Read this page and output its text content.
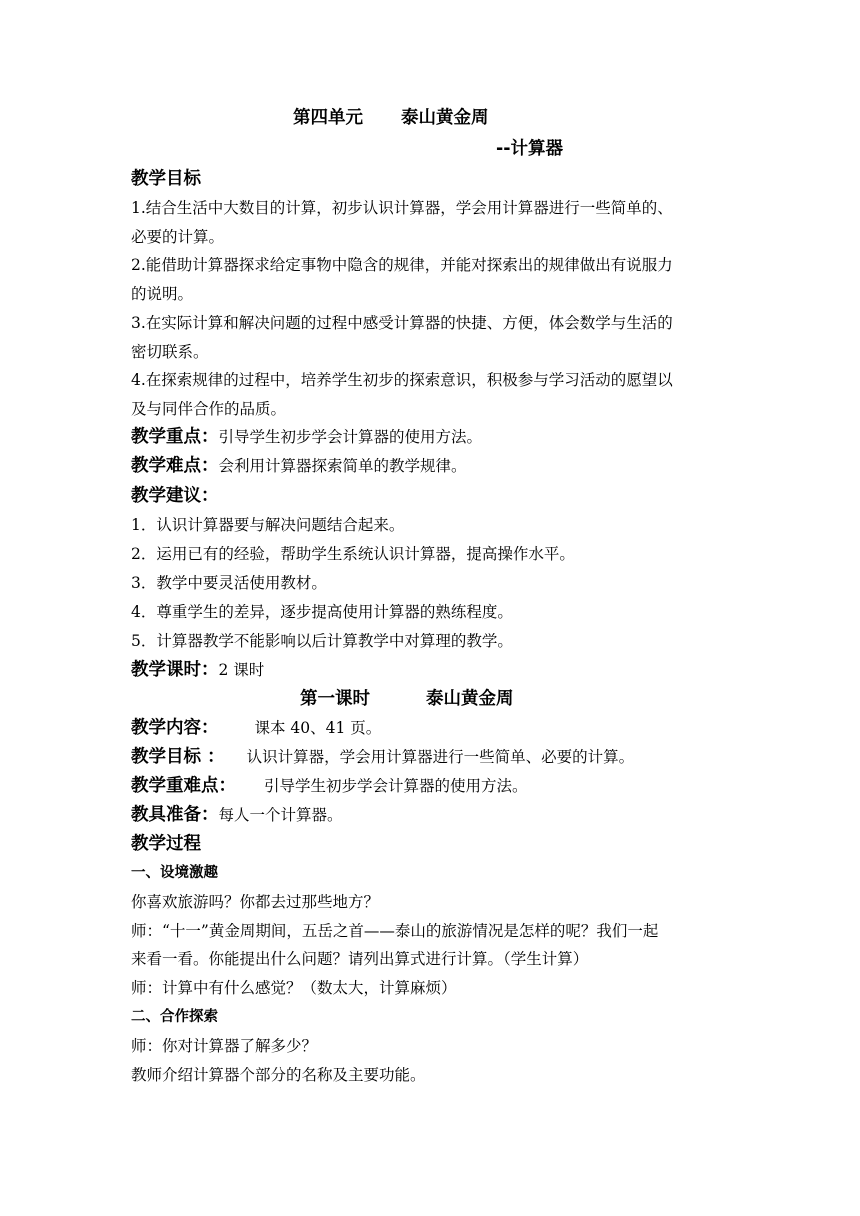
第四单元 泰山黄金周
--计算器
教学目标
1.结合生活中大数目的计算，初步认识计算器，学会用计算器进行一些简单的、
必要的计算。
2.能借助计算器探求给定事物中隐含的规律，并能对探索出的规律做出有说服力
的说明。
3.在实际计算和解决问题的过程中感受计算器的快捷、方便，体会数学与生活的
密切联系。
4.在探索规律的过程中，培养学生初步的探索意识，积极参与学习活动的愿望以
及与同伴合作的品质。
教学重点：引导学生初步学会计算器的使用方法。
教学难点：会利用计算器探索简单的教学规律。
教学建议：
1．认识计算器要与解决问题结合起来。
2．运用已有的经验，帮助学生系统认识计算器，提高操作水平。
3．教学中要灵活使用教材。
4．尊重学生的差异，逐步提高使用计算器的熟练程度。
5．计算器教学不能影响以后计算教学中对算理的教学。
教学课时：2 课时
第一课时	泰山黄金周
教学内容： 课本 40、41 页。
教学目标 ： 认识计算器，学会用计算器进行一些简单、必要的计算。
教学重难点： 引导学生初步学会计算器的使用方法。
教具准备：每人一个计算器。
教学过程
一、设境激趣
你喜欢旅游吗？你都去过那些地方？
师：“十一”黄金周期间，五岳之首——泰山的旅游情况是怎样的呢？我们一起
来看一看。你能提出什么问题？请列出算式进行计算。（学生计算）
师：计算中有什么感觉？（数太大，计算麻烦）
二、合作探索
师：你对计算器了解多少？
教师介绍计算器个部分的名称及主要功能。
